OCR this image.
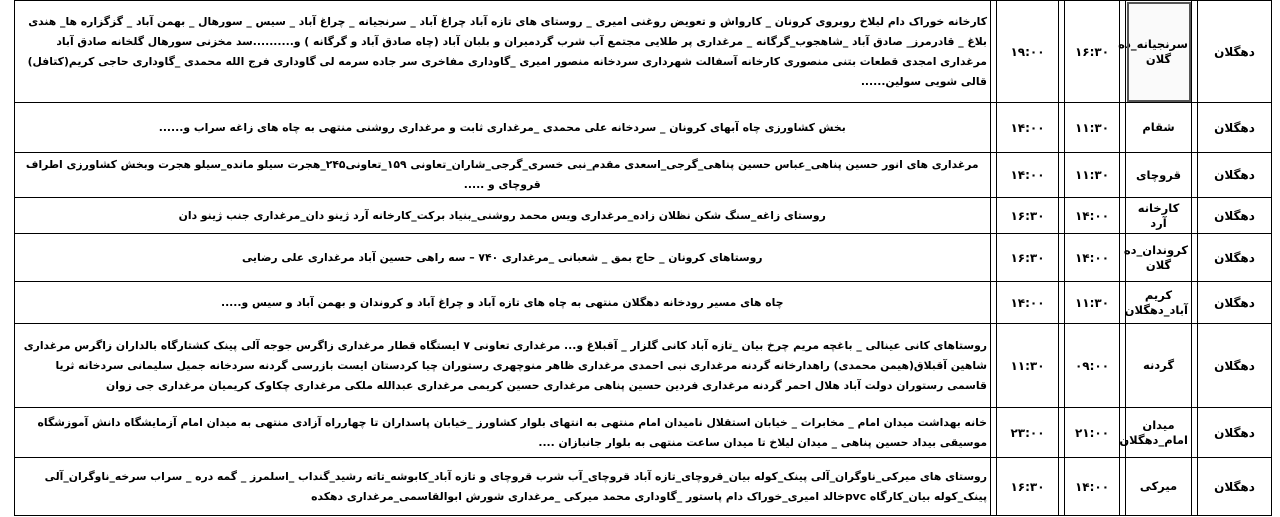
دهگلان		سرنجیانه_ده گلان		۱۶:۳۰		۱۹:۰۰		کارخانه خوراک دام لیلاخ روبروی کرونان _ کارواش و تعویض روغنی امیری _ روستای های تازه آباد چراغ آباد _ سرنجیانه _ چراغ آباد _ سیس _ سورهال _ بهمن آباد _ گزگزاره ها_ هندی بلاغ _ قادرمرز_ صادق آباد _شاهجوب_گرگانه _ مرغداری پر طلایی مجتمع آب شرب گردمیران و بلبان آباد (چاه صادق آباد و گرگانه ) و..........سد مخزنی سورهال گلخانه صادق آباد مرغداری امجدی قطعات بتنی منصوری کارخانه آسفالت شهرداری سردخانه منصور امیری _گاوداری مفاخری سر جاده سرمه لی گاوداری فرج الله محمدی _گاوداری حاجی کریم(کتافل) قالی شویی سولین......	
دهگلان		شقام		۱۱:۳۰		۱۴:۰۰		بخش کشاورزی چاه آبهای کرونان _ سردخانه علی محمدی _مرغداری ثابت و مرغداری روشنی منتهی به چاه های زاغه سراب و......	
دهگلان		قروچای		۱۱:۳۰		۱۴:۰۰		مرغداری های انور حسین پناهی_عباس حسین پناهی_گرجی_اسعدی مقدم_نبی خسری_گرجی_شاران_تعاونی ۱۵۹_تعاونی۲۴۵_هجرت سیلو مانده_سیلو هجرت وبخش کشاورزی اطراف قروچای و .....	
دهگلان		کارخانه آرد		۱۴:۰۰		۱۶:۳۰		روستای زاغه_سنگ شکن نظلان زاده_مرغداری ویس محمد روشنی_بنیاد برکت_کارخانه آرد ژینو دان_مرغداری جنب ژینو دان	
دهگلان		کروندان_ده گلان		۱۴:۰۰		۱۶:۳۰		روستاهای کرونان _ حاج بمق _ شعبانی _مرغداری ۷۴۰ – سه راهی حسین آباد مرغداری علی رضایی	
دهگلان		کریم آباد_دهگلان		۱۱:۳۰		۱۴:۰۰		چاه های مسیر رودخانه دهگلان منتهی به چاه های تازه آباد و چراغ آباد و کروندان و بهمن آباد و سیس و.....	
دهگلان		گردنه		۰۹:۰۰		۱۱:۳۰		روستاهای کانی عینالی _ باغچه مریم چرخ بیان _تازه آباد کانی گلزار _ آقبلاغ و... مرغداری تعاونی ۷ ایستگاه قطار مرغداری زاگرس جوجه آلی پینک کشتارگاه بالداران زاگرس مرغداری شاهین آقبلاق(هیمن محمدی) راهدارخانه گردنه مرغداری نبی احمدی مرغداری ظاهر منوچهری رستوران چیا کردستان ایست بازرسی گردنه سردخانه جمیل سلیمانی سردخانه ثریا قاسمی رستوران دولت آباد هلال احمر گردنه مرغداری فردین حسین پناهی مرغداری حسین کریمی مرغداری عبدالله ملکی مرغداری چکاوک کریمیان مرغداری جی زوان	
دهگلان		میدان امام_دهگلان		۲۱:۰۰		۲۳:۰۰		خانه بهداشت میدان امام _ مخابرات _ خیابان استقلال نامیدان امام منتهی به انتهای بلوار کشاورز _خیابان پاسداران تا چهارراه آزادی منتهی به میدان امام آزمایشگاه دانش آموزشگاه موسیقی بیداد حسین پناهی _ میدان لیلاخ تا میدان ساعت منتهی به بلوار جانبازان ....	
دهگلان		میرکی		۱۴:۰۰		۱۶:۳۰		روستای های میرکی_ناوگران_آلی پینک_کوله بیان_قروچای_تازه آباد قروچای_آب شرب قروچای و تازه آباد_کابوشه_تاته رشید_گنداب _اسلمرز _ گمه دره _ سراب سرخه_ناوگران_آلی پینک_کوله بیان_کارگاه pvcخالد امیری_خوراک دام پاستور _گاوداری محمد میرکی _مرغداری شورش ابوالقاسمی_مرغداری دهکده	
